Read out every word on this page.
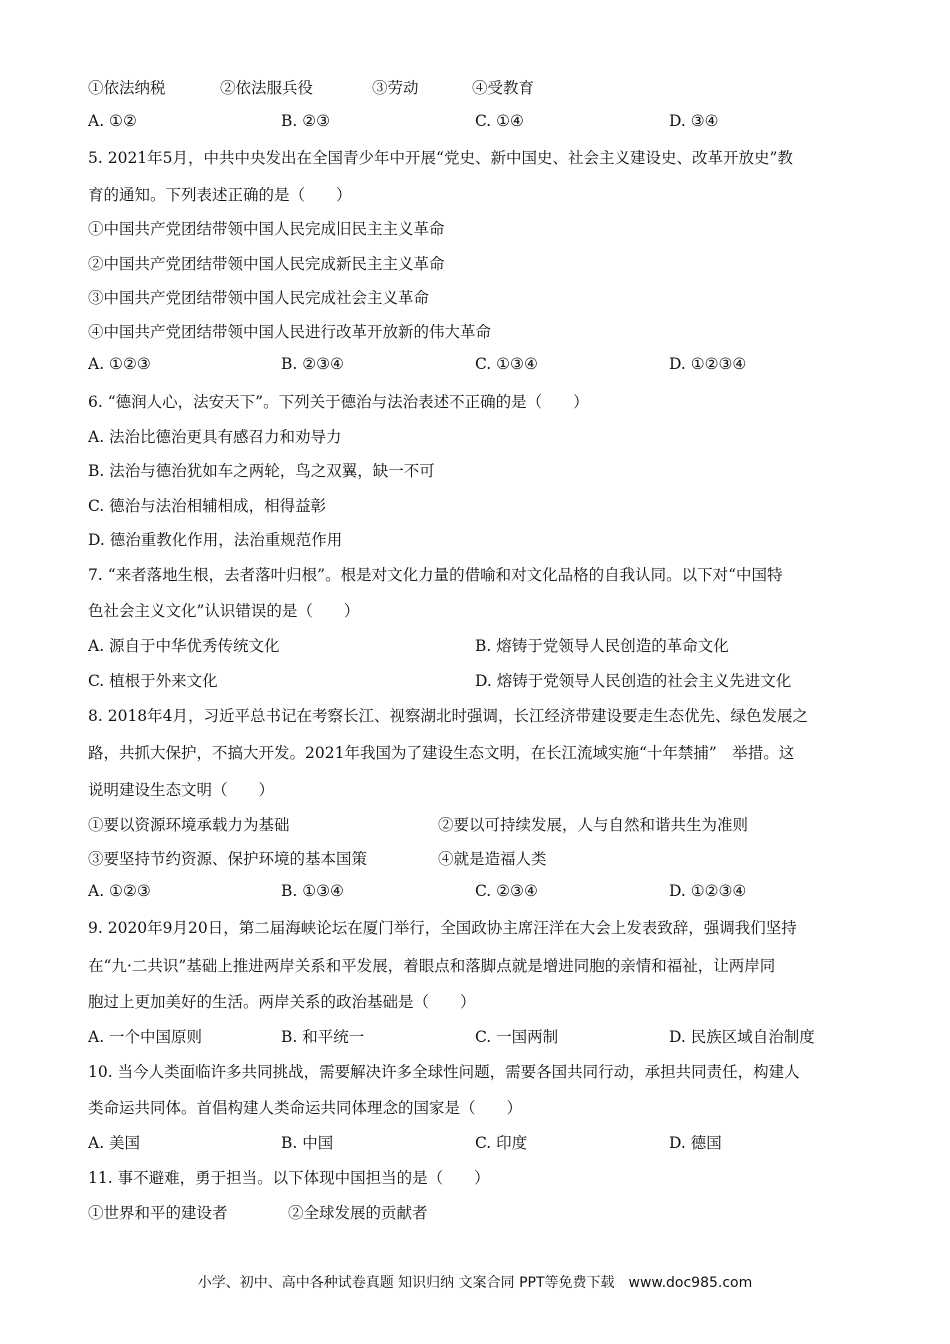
①依法纳税	②依法服兵役	③劳动	④受教育
A. ①②	B. ②③	C. ①④	D. ③④
5. 2021年5月，中共中央发出在全国青少年中开展“党史、新中国史、社会主义建设史、改革开放史”教
育的通知。下列表述正确的是（　　）
①中国共产党团结带领中国人民完成旧民主主义革命
②中国共产党团结带领中国人民完成新民主主义革命
③中国共产党团结带领中国人民完成社会主义革命
④中国共产党团结带领中国人民进行改革开放新的伟大革命
A. ①②③	B. ②③④	C. ①③④	D. ①②③④
6. “德润人心，法安天下”。下列关于德治与法治表述不正确的是（　　）
A. 法治比德治更具有感召力和劝导力
B. 法治与德治犹如车之两轮，鸟之双翼，缺一不可
C. 德治与法治相辅相成，相得益彰
D. 德治重教化作用，法治重规范作用
7. “来者落地生根，去者落叶归根”。根是对文化力量的借喻和对文化品格的自我认同。以下对“中国特
色社会主义文化”认识错误的是（　　）
A. 源自于中华优秀传统文化	B. 熔铸于党领导人民创造的革命文化
C. 植根于外来文化	D. 熔铸于党领导人民创造的社会主义先进文化
8. 2018年4月，习近平总书记在考察长江、视察湖北时强调，长江经济带建设要走生态优先、绿色发展之
路，共抓大保护，不搞大开发。2021年我国为了建设生态文明，在长江流域实施“十年禁捕”　举措。这
说明建设生态文明（　　）
①要以资源环境承载力为基础	②要以可持续发展，人与自然和谐共生为准则
③要坚持节约资源、保护环境的基本国策	④就是造福人类
A. ①②③	B. ①③④	C. ②③④	D. ①②③④
9. 2020年9月20日，第二届海峡论坛在厦门举行，全国政协主席汪洋在大会上发表致辞，强调我们坚持
在“九·二共识”基础上推进两岸关系和平发展，着眼点和落脚点就是增进同胞的亲情和福祉，让两岸同
胞过上更加美好的生活。两岸关系的政治基础是（　　）
A. 一个中国原则	B. 和平统一	C. 一国两制	D. 民族区域自治制度
10. 当今人类面临许多共同挑战，需要解决许多全球性问题，需要各国共同行动，承担共同责任，构建人
类命运共同体。首倡构建人类命运共同体理念的国家是（　　）
A. 美国	B. 中国	C. 印度	D. 德国
11. 事不避难，勇于担当。以下体现中国担当的是（　　）
①世界和平的建设者	②全球发展的贡献者
小学、初中、高中各种试卷真题 知识归纳 文案合同 PPT等免费下载　www.doc985.com
